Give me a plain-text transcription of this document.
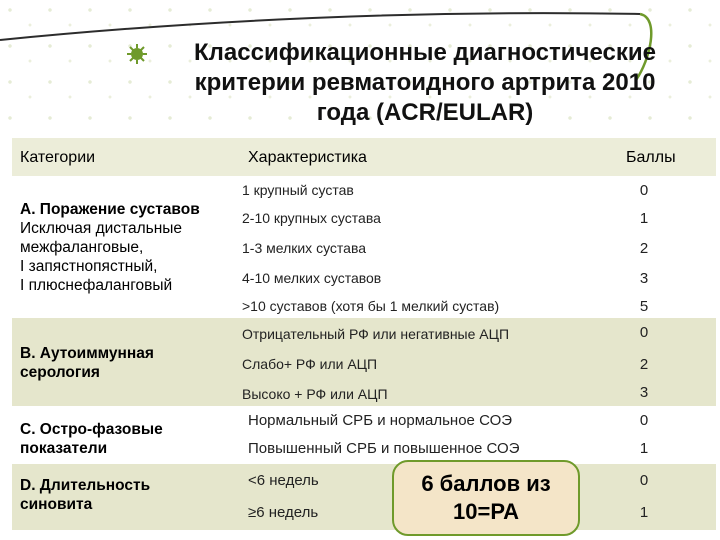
Классификационные диагностические
критерии ревматоидного артрита 2010
года (ACR/EULAR)
Категории	Характеристика	Баллы
А. Поражение суставов
Исключая дистальные
межфаланговые,
I запястнопястный,
I плюснефаланговый
1 крупный сустав	0
2-10 крупных сустава	1
1-3 мелких сустава	2
4-10 мелких суставов	3
>10 суставов (хотя бы 1 мелкий сустав)	5
В. Аутоиммунная
серология
Отрицательный РФ или негативные АЦП	0
Слабо+ РФ или АЦП	2
Высоко + РФ или АЦП	3
С. Остро-фазовые
показатели
Нормальный СРБ и нормальное СОЭ	0
Повышенный СРБ и повышенное СОЭ	1
D. Длительность
синовита
<6 недель	0
≥6 недель	1
6 баллов из
10=РА
